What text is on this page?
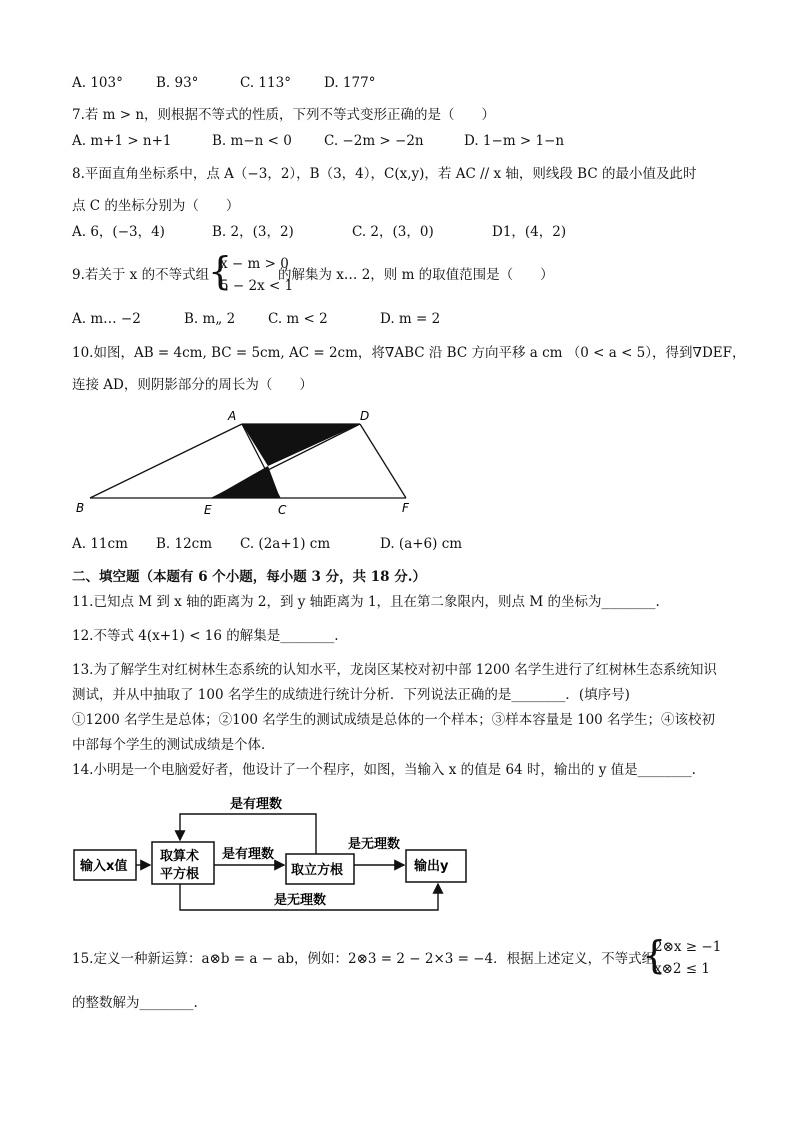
A. 103° B. 93°	C. 113° D. 177°
7.若 m > n，则根据不等式的性质，下列不等式变形正确的是（　　）
A. m+1 > n+1	B. m−n < 0 C. −2m > −2n	D. 1−m > 1−n
8.平面直角坐标系中，点 A（−3，2），B（3，4），C(x,y)，若 AC // x 轴，则线段 BC 的最小值及此时
点 C 的坐标分别为（　　）
A. 6，(−3，4)	B. 2，(3，2)	C. 2，(3，0)	D1，(4，2)
9.若关于 x 的不等式组
{
x − m > 0
5 − 2x < 1
的解集为 x… 2，则 m 的取值范围是（　　）
A. m… −2	B. m„ 2 C. m < 2	D. m = 2
10.如图，AB = 4cm, BC = 5cm, AC = 2cm，将∇ABC 沿 BC 方向平移 a cm （0 < a < 5），得到∇DEF，
连接 AD，则阴影部分的周长为（　　）
A	D
B	E	C	F
A. 11cm B. 12cm C. (2a+1) cm	D. (a+6) cm
二、填空题（本题有 6 个小题，每小题 3 分，共 18 分.）
11.已知点 M 到 x 轴的距离为 2，到 y 轴距离为 1，且在第二象限内，则点 M 的坐标为________.
12.不等式 4(x+1) < 16 的解集是________.
13.为了解学生对红树林生态系统的认知水平，龙岗区某校对初中部 1200 名学生进行了红树林生态系统知识
测试，并从中抽取了 100 名学生的成绩进行统计分析．下列说法正确的是________．(填序号)
①1200 名学生是总体；②100 名学生的测试成绩是总体的一个样本；③样本容量是 100 名学生；④该校初
中部每个学生的测试成绩是个体．
14.小明是一个电脑爱好者，他设计了一个程序，如图，当输入 x 的值是 64 时，输出的 y 值是________.
输入x值
取算术
平方根	取立方根	输出y
是有理数
是有理数
是无理数
是无理数
15.定义一种新运算：a⊗b = a − ab，例如：2⊗3 = 2 − 2×3 = −4．根据上述定义，不等式组
{
2⊗x ≥ −1
x⊗2 ≤ 1
的整数解为________.
